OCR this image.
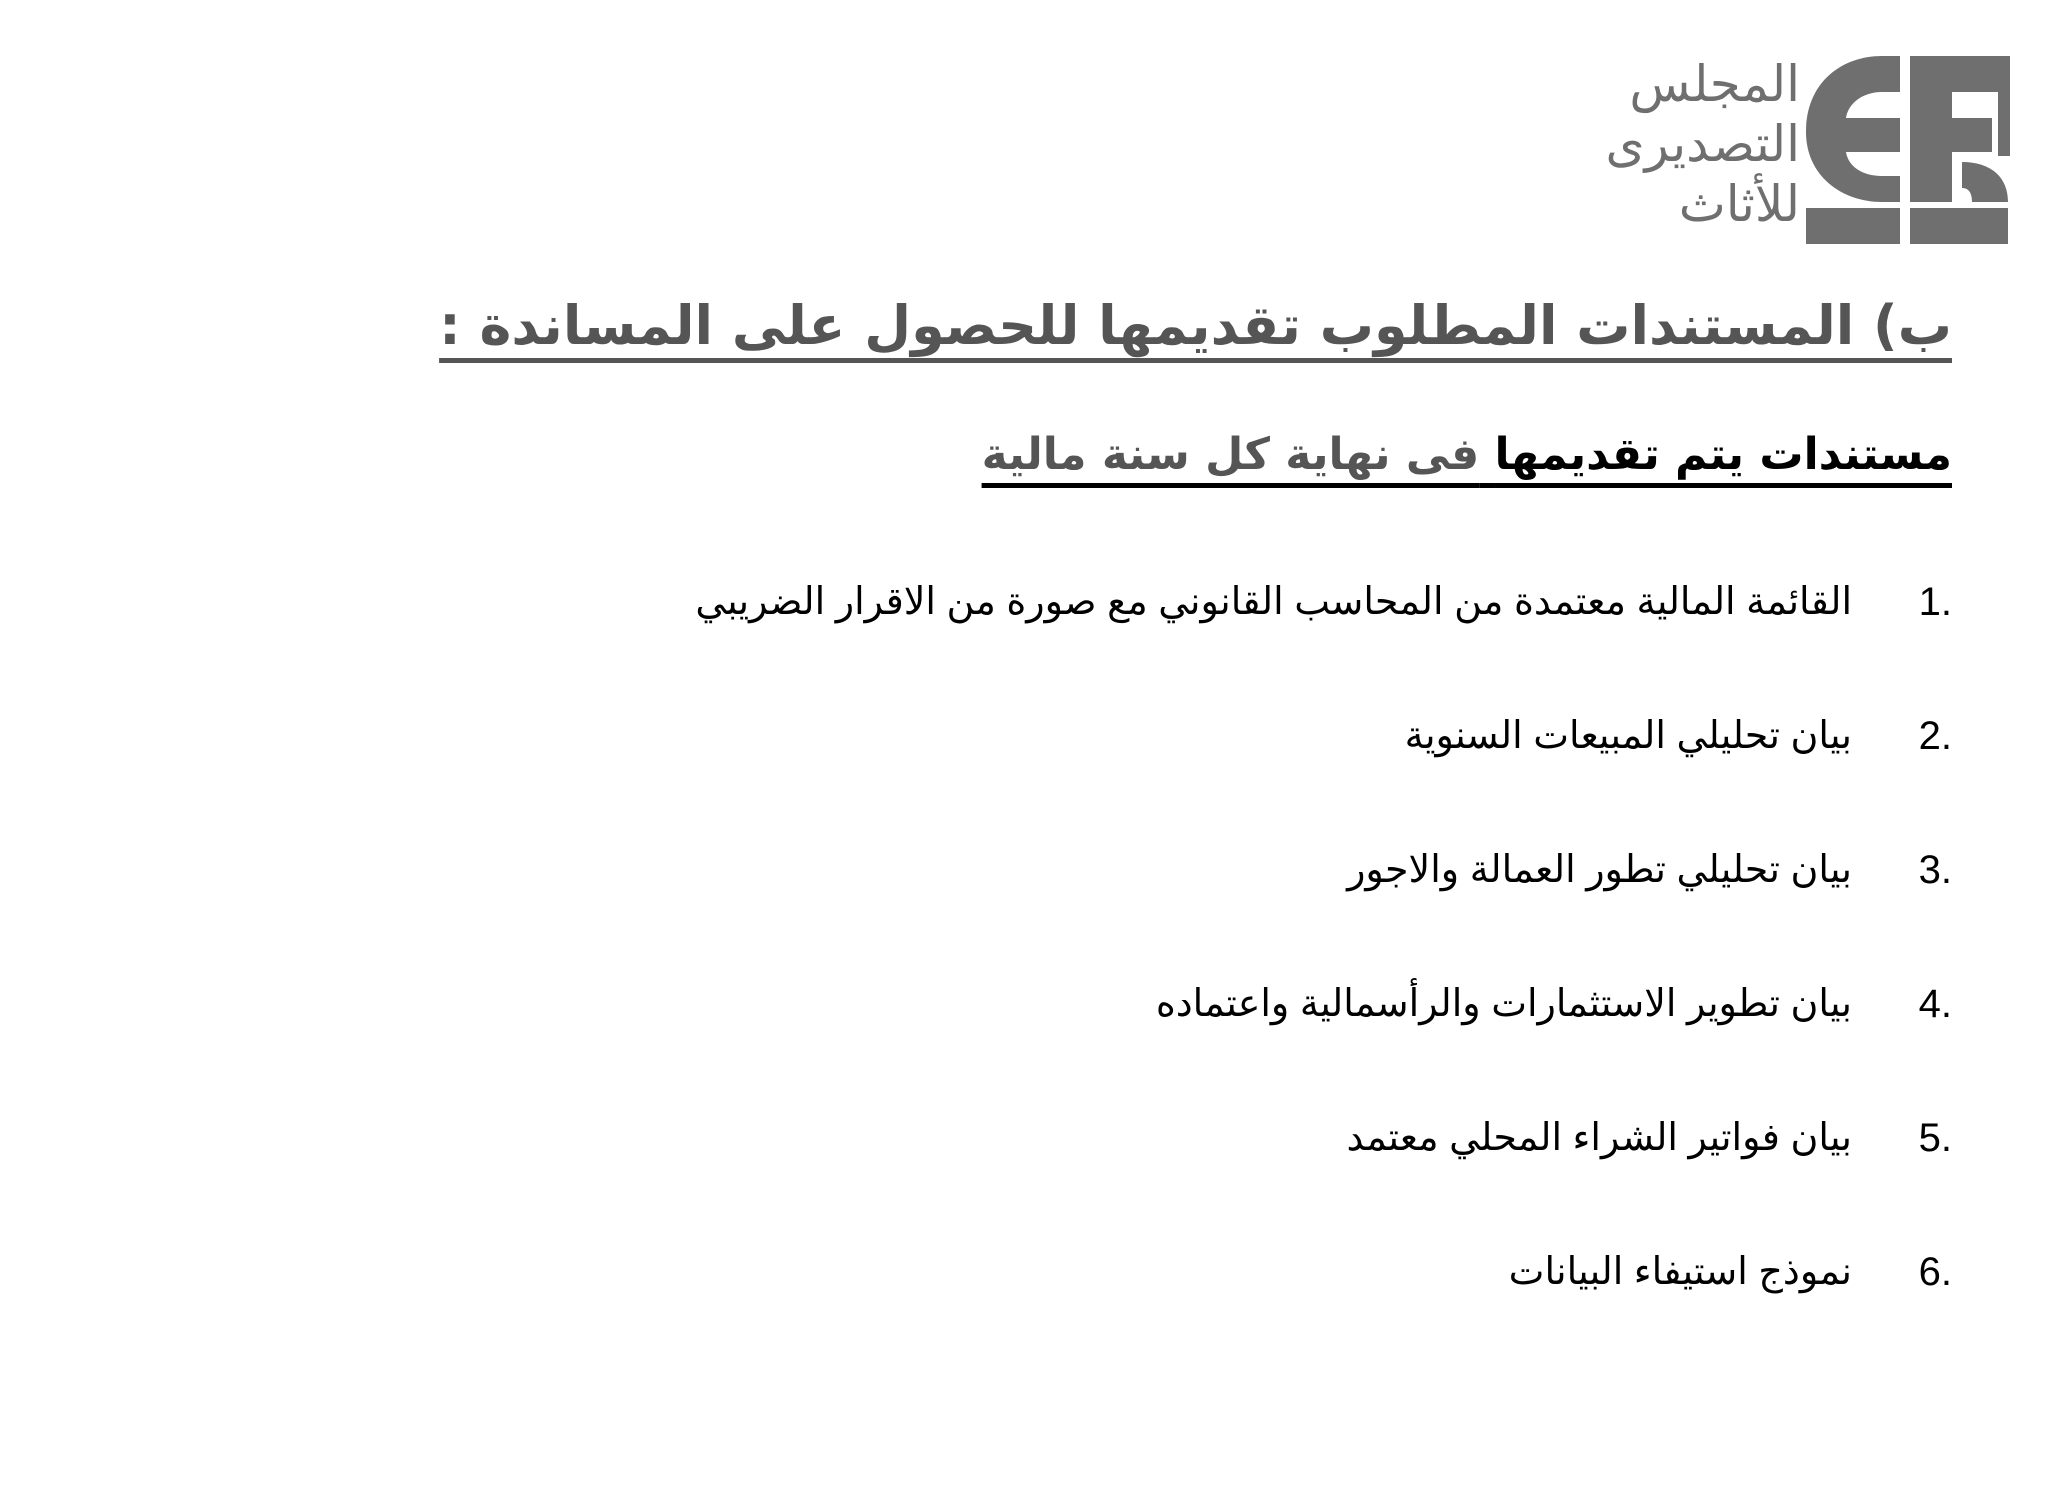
المجلس
التصديرى
للأثاث
ب) المستندات المطلوب تقديمها للحصول على المساندة :
مستندات يتم تقديمها فى نهاية كل سنة مالية
1.
القائمة المالية معتمدة من المحاسب القانوني مع صورة من الاقرار الضريبي
2.
بيان تحليلي المبيعات السنوية
3.
بيان تحليلي تطور العمالة والاجور
4.
بيان تطوير الاستثمارات والرأسمالية واعتماده
5.
بيان فواتير الشراء المحلي معتمد
6.
نموذج استيفاء البيانات
